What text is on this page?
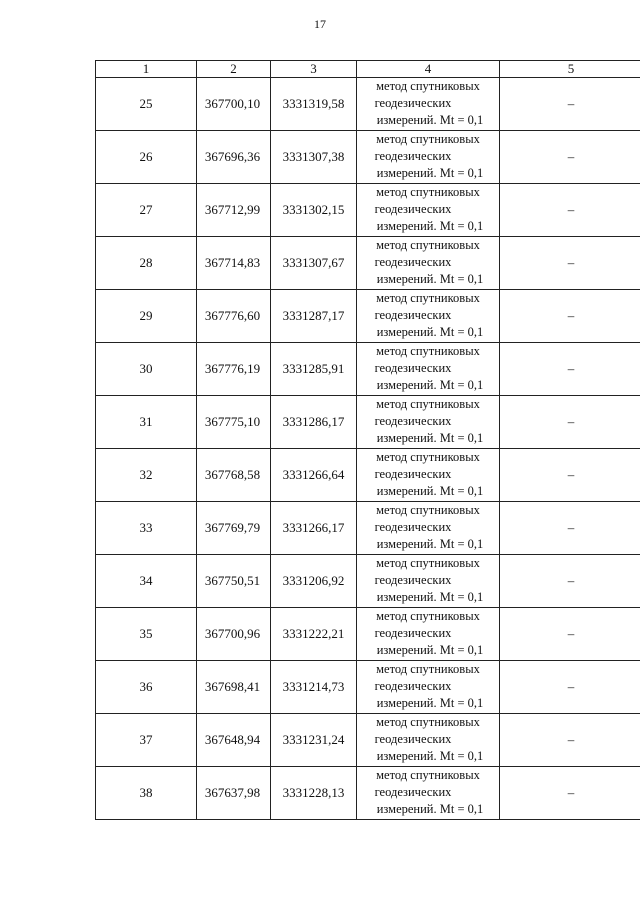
17
1	2	3	4	5
25	367700,10	3331319,58	метод спутниковых
геодезических
измерений. Mt = 0,1	–
26	367696,36	3331307,38	метод спутниковых
геодезических
измерений. Mt = 0,1	–
27	367712,99	3331302,15	метод спутниковых
геодезических
измерений. Mt = 0,1	–
28	367714,83	3331307,67	метод спутниковых
геодезических
измерений. Mt = 0,1	–
29	367776,60	3331287,17	метод спутниковых
геодезических
измерений. Mt = 0,1	–
30	367776,19	3331285,91	метод спутниковых
геодезических
измерений. Mt = 0,1	–
31	367775,10	3331286,17	метод спутниковых
геодезических
измерений. Mt = 0,1	–
32	367768,58	3331266,64	метод спутниковых
геодезических
измерений. Mt = 0,1	–
33	367769,79	3331266,17	метод спутниковых
геодезических
измерений. Mt = 0,1	–
34	367750,51	3331206,92	метод спутниковых
геодезических
измерений. Mt = 0,1	–
35	367700,96	3331222,21	метод спутниковых
геодезических
измерений. Mt = 0,1	–
36	367698,41	3331214,73	метод спутниковых
геодезических
измерений. Mt = 0,1	–
37	367648,94	3331231,24	метод спутниковых
геодезических
измерений. Mt = 0,1	–
38	367637,98	3331228,13	метод спутниковых
геодезических
измерений. Mt = 0,1	–
